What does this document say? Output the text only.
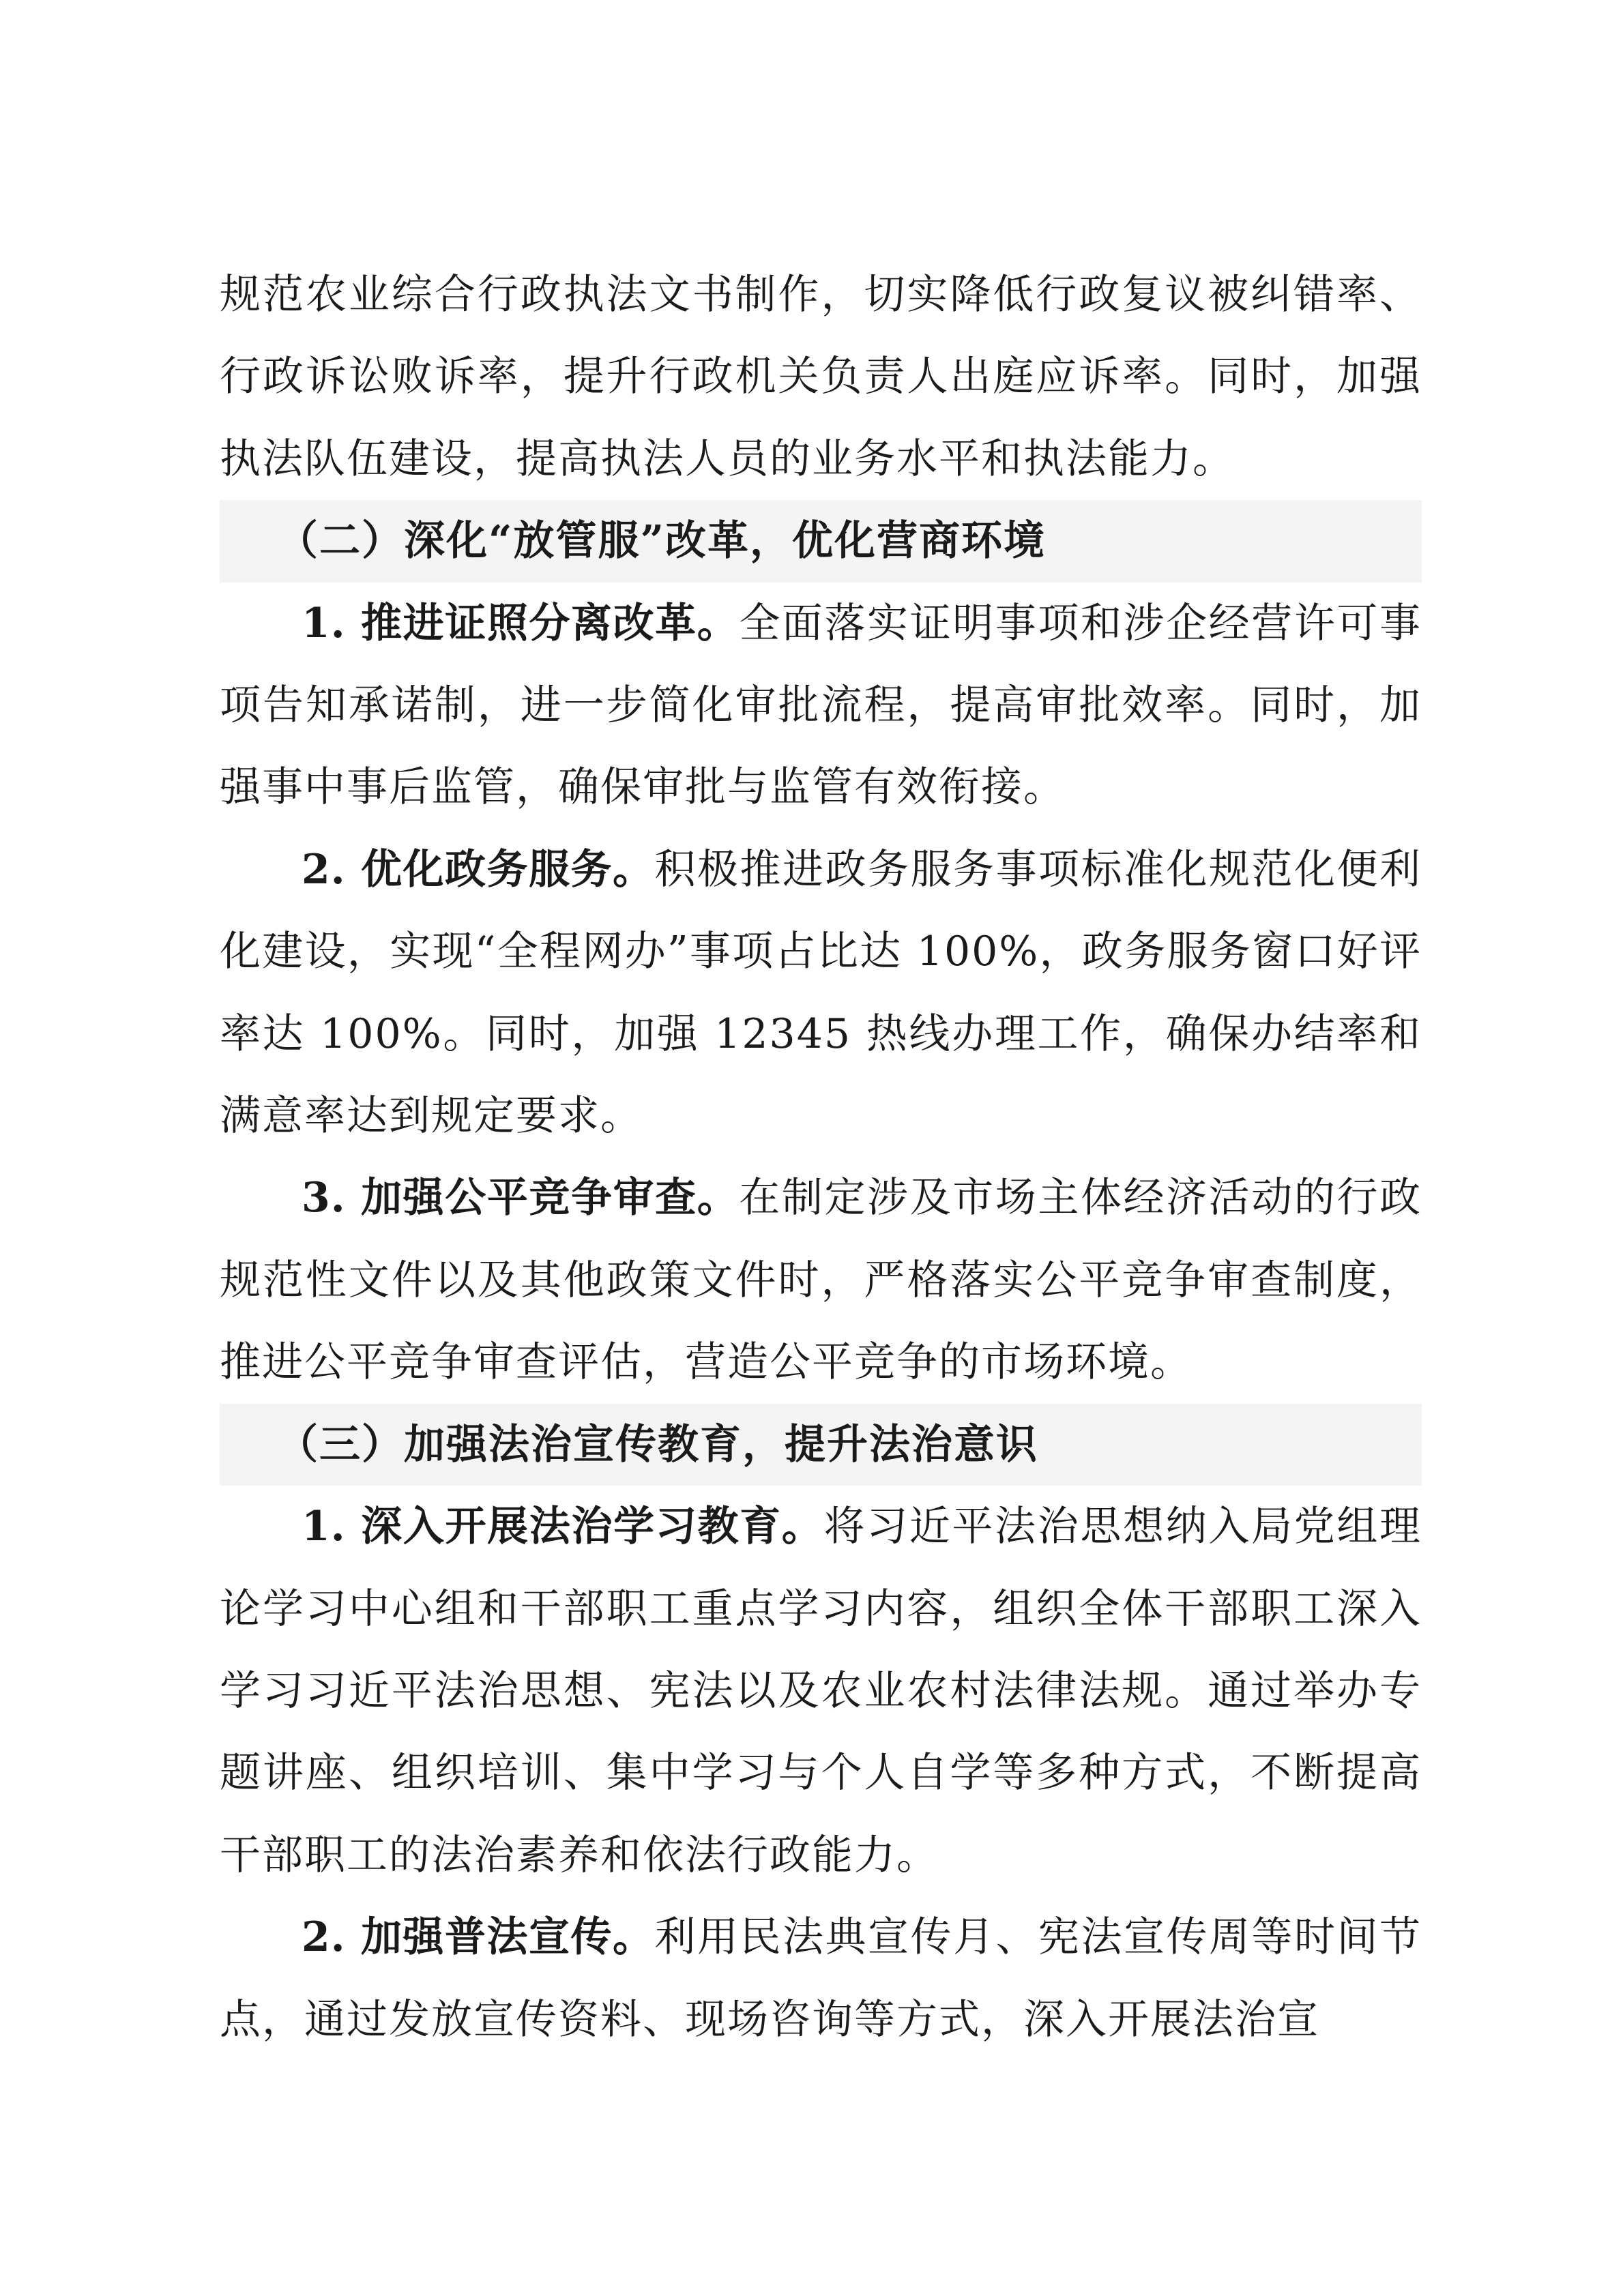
规范农业综合行政执法文书制作，切实降低行政复议被纠错率、行政诉讼败诉率，提升行政机关负责人出庭应诉率。同时，加强执法队伍建设，提高执法人员的业务水平和执法能力。

（二）深化“放管服”改革，优化营商环境

1. 推进证照分离改革。全面落实证明事项和涉企经营许可事项告知承诺制，进一步简化审批流程，提高审批效率。同时，加强事中事后监管，确保审批与监管有效衔接。

2. 优化政务服务。积极推进政务服务事项标准化规范化便利化建设，实现“全程网办”事项占比达 100%，政务服务窗口好评率达 100%。同时，加强 12345 热线办理工作，确保办结率和满意率达到规定要求。

3. 加强公平竞争审查。在制定涉及市场主体经济活动的行政规范性文件以及其他政策文件时，严格落实公平竞争审查制度，推进公平竞争审查评估，营造公平竞争的市场环境。

（三）加强法治宣传教育，提升法治意识

1. 深入开展法治学习教育。将习近平法治思想纳入局党组理论学习中心组和干部职工重点学习内容，组织全体干部职工深入学习习近平法治思想、宪法以及农业农村法律法规。通过举办专题讲座、组织培训、集中学习与个人自学等多种方式，不断提高干部职工的法治素养和依法行政能力。

2. 加强普法宣传。利用民法典宣传月、宪法宣传周等时间节点，通过发放宣传资料、现场咨询等方式，深入开展法治宣
